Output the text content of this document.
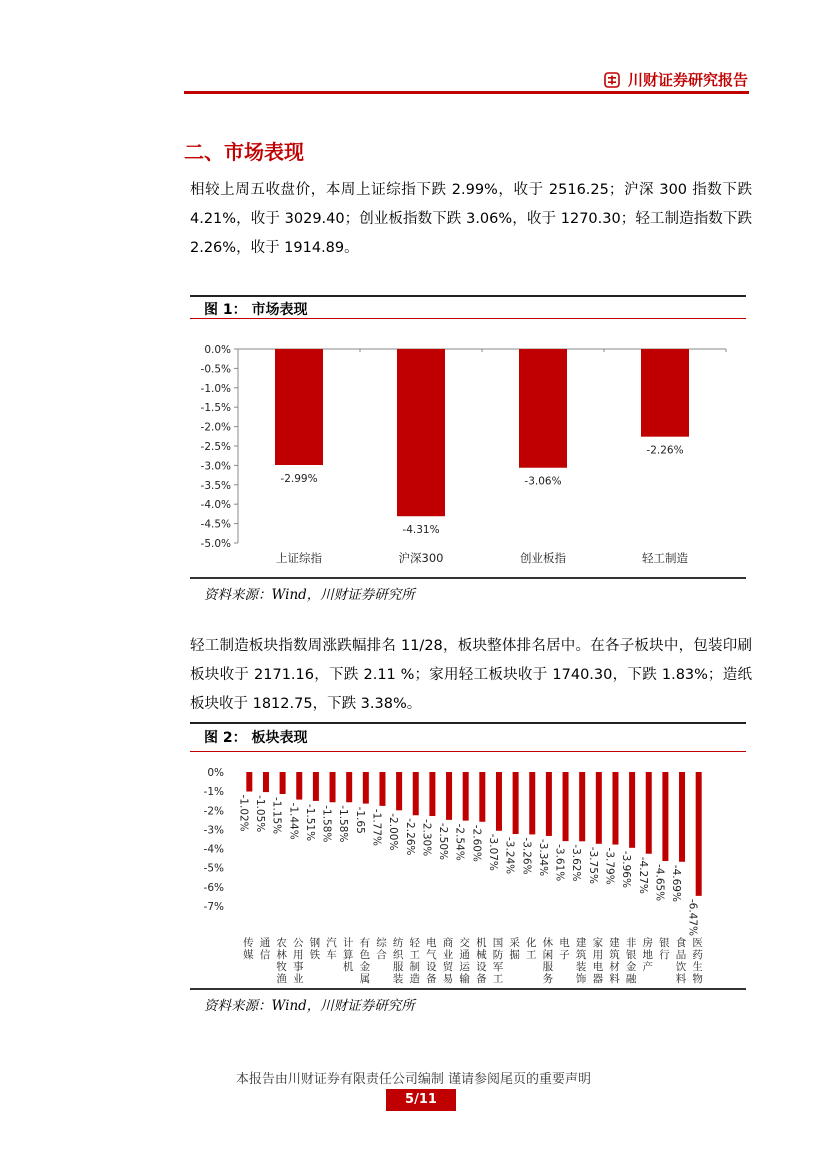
川财证券研究报告
二、市场表现
相较上周五收盘价，本周上证综指下跌 2.99%，收于 2516.25；沪深 300 指数下跌 4.21%，收于 3029.40；创业板指数下跌 3.06%，收于 1270.30；轻工制造指数下跌 2.26%，收于 1914.89。
图 1： 市场表现
0.0%
-0.5%
-1.0%
-1.5%
-2.0%
-2.5%
-3.0%
-3.5%
-4.0%
-4.5%
-5.0%
-2.99%
上证综指
-4.31%
沪深300
-3.06%
创业板指
-2.26%
轻工制造
资料来源：Wind，川财证券研究所
轻工制造板块指数周涨跌幅排名 11/28，板块整体排名居中。在各子板块中，包装印刷板块收于 2171.16，下跌 2.11 %；家用轻工板块收于 1740.30，下跌 1.83%；造纸板块收于 1812.75，下跌 3.38%。
图 2： 板块表现
0%
-1%
-2%
-3%
-4%
-5%
-6%
-7%
-1.02%
传媒
-1.05%
通信
-1.15%
农林牧渔
-1.44%
公用事业
-1.51%
钢铁
-1.58%
汽车
-1.58%
计算机
-1.65
有色金属
-1.77%
综合
-2.00%
纺织服装
-2.26%
轻工制造
-2.30%
电气设备
-2.50%
商业贸易
-2.54%
交通运输
-2.60%
机械设备
-3.07%
国防军工
-3.24%
采掘
-3.26%
化工
-3.34%
休闲服务
-3.61%
电子
-3.62%
建筑装饰
-3.75%
家用电器
-3.79%
建筑材料
-3.96%
非银金融
-4.27%
房地产
-4.65%
银行
-4.69%
食品饮料
-6.47%
医药生物
资料来源：Wind，川财证券研究所
本报告由川财证券有限责任公司编制 谨请参阅尾页的重要声明
5/11
